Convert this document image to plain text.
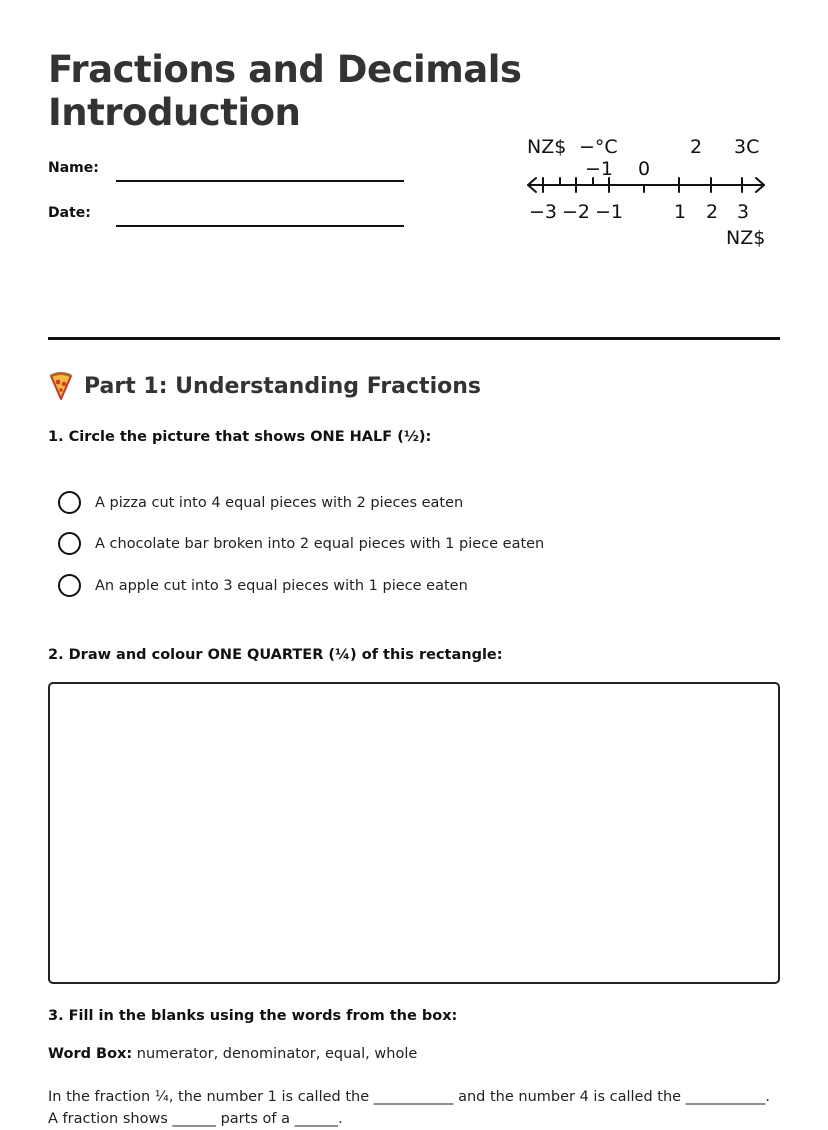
Fractions and Decimals
Introduction
Name:
Date:
NZ$ −°C
−1 0
2 3C
−3 −2 −1	1 2 3
NZ$
Part 1: Understanding Fractions

1. Circle the picture that shows ONE HALF (½):

A pizza cut into 4 equal pieces with 2 pieces eaten
A chocolate bar broken into 2 equal pieces with 1 piece eaten
An apple cut into 3 equal pieces with 1 piece eaten

2. Draw and colour ONE QUARTER (¼) of this rectangle:

3. Fill in the blanks using the words from the box:

Word Box: numerator, denominator, equal, whole

In the fraction ¼, the number 1 is called the ___________ and the number 4 is called the ___________. A fraction shows ______ parts of a ______.
